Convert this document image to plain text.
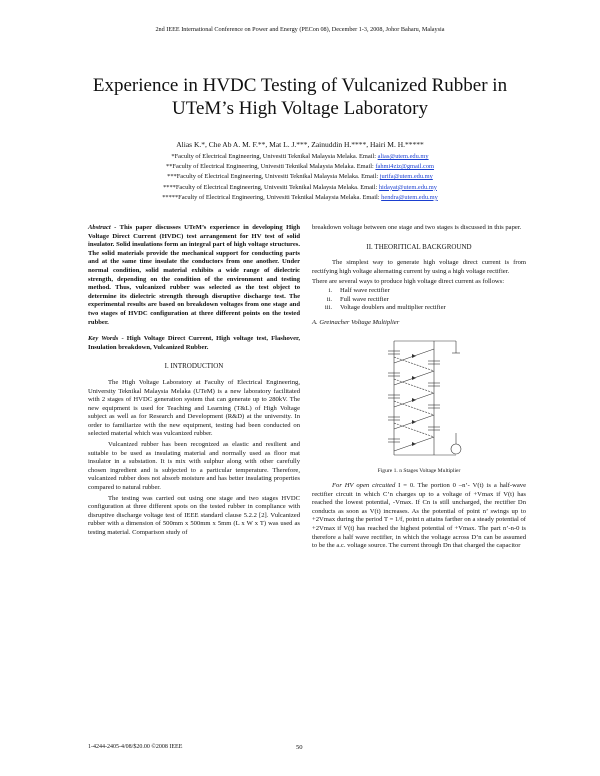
2nd IEEE International Conference on Power and Energy (PECon 08), December 1-3, 2008, Johor Baharu, Malaysia
Experience in HVDC Testing of Vulcanized Rubber in UTeM’s High Voltage Laboratory
Alias K.*, Che Ab A. M. F.**, Mat L. J.***, Zainuddin H.****, Hairi M. H.*****
*Faculty of Electrical Engineering, Univesiti Teknikal Malaysia Melaka. Email: alias@utem.edu.my
**Faculty of Electrical Engineering, Univesiti Teknikal Malaysia Melaka. Email: fahmi4ziz@gmail.com
***Faculty of Electrical Engineering, Univesiti Teknikal Malaysia Melaka. Email: jurifa@utem.edu.my
****Faculty of Electrical Engineering, Univesiti Teknikal Malaysia Melaka. Email: hidayat@utem.edu.my
*****Faculty of Electrical Engineering, Univesiti Teknikal Malaysia Melaka. Email: hendra@utem.edu.my
Abstract - This paper discusses UTeM’s experience in developing High Voltage Direct Current (HVDC) test arrangement for HV test of solid insulator. Solid insulations form an integral part of high voltage structures. The solid materials provide the mechanical support for conducting parts and at the same time insulate the conductors from one another. Under normal condition, solid material exhibits a wide range of dielectric strength, depending on the condition of the environment and testing method. Thus, vulcanized rubber was selected as the test object to determine its dielectric strength through disruptive discharge test. The experimental results are based on breakdown voltages from one stage and two stages of HVDC configuration at three different points on the tested rubber.
Key Words - High Voltage Direct Current, High voltage test, Flashover, Insulation breakdown, Vulcanized Rubber.
I. INTRODUCTION

The High Voltage Laboratory at Faculty of Electrical Engineering, University Teknikal Malaysia Melaka (UTeM) is a new laboratory facilitated with 2 stages of HVDC generation system that can generate up to 280kV. The new equipment is used for Teaching and Learning (T&L) of High Voltage subject as well as for Research and Development (R&D) at the university. In order to familiarize with the new equipment, testing had been conducted on selected material which was vulcanized rubber.

Vulcanized rubber has been recognized as elastic and resilient and suitable to be used as insulating material and normally used as floor mat insulator in a substation. It is mix with sulphur along with other carefully chosen ingredient and is subjected to a particular temperature. Therefore, vulcanized rubber does not absorb moisture and has better insulating properties compared to natural rubber.

The testing was carried out using one stage and two stages HVDC configuration at three different spots on the tested rubber in compliance with disruptive discharge voltage test of IEEE standard clause 5.2.2 [2]. Vulcanized rubber with a dimension of 500mm x 500mm x 5mm (L x W x T) was used as testing material. Comparison study of

breakdown voltage between one stage and two stages is discussed in this paper.

II. THEORITICAL BACKGROUND

The simplest way to generate high voltage direct current is from rectifying high voltage alternating current by using a high voltage rectifier.

There are several ways to produce high voltage direct current as follows:

i. Half wave rectifier
ii. Full wave rectifier
iii. Voltage doublers and multiplier rectifier
A. Greinacher Voltage Multiplier
Figure 1. n Stages Voltage Multiplier

For HV open circuited I = 0. The portion 0 –n’- V(t) is a half-wave rectifier circuit in which C’n charges up to a voltage of +Vmax if V(t) has reached the lowest potential, -Vmax. If Cn is still uncharged, the rectifier Dn conducts as soon as V(t) increases. As the potential of point n’ swings up to +2Vmax during the period T = 1/f, point n attains farther on a steady potential of +2Vmax if V(t) has reached the highest potential of +Vmax. The part n’-n-0 is therefore a half wave rectifier, in which the voltage across D’n can be assumed to be the a.c. voltage source. The current through Dn that charged the capacitor

1-4244-2405-4/08/$20.00 ©2008 IEEE	50
